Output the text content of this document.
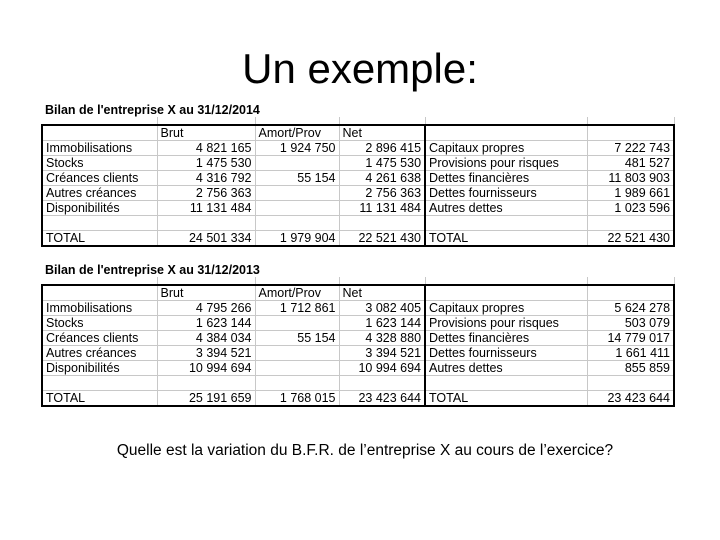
Un exemple:
Bilan de l'entreprise X au 31/12/2014					

	Brut	Amort/Prov	Net		
Immobilisations	4 821 165	1 924 750	2 896 415	Capitaux propres	7 222 743
Stocks	1 475 530		1 475 530	Provisions pour risques	481 527
Créances clients	4 316 792	55 154	4 261 638	Dettes financières	11 803 903
Autres créances	2 756 363		2 756 363	Dettes fournisseurs	1 989 661
Disponibilités	11 131 484		11 131 484	Autres dettes	1 023 596

TOTAL	24 501 334	1 979 904	22 521 430	TOTAL	22 521 430
Bilan de l'entreprise X au 31/12/2013					

	Brut	Amort/Prov	Net		
Immobilisations	4 795 266	1 712 861	3 082 405	Capitaux propres	5 624 278
Stocks	1 623 144		1 623 144	Provisions pour risques	503 079
Créances clients	4 384 034	55 154	4 328 880	Dettes financières	14 779 017
Autres créances	3 394 521		3 394 521	Dettes fournisseurs	1 661 411
Disponibilités	10 994 694		10 994 694	Autres dettes	855 859

TOTAL	25 191 659	1 768 015	23 423 644	TOTAL	23 423 644
Quelle est la variation du B.F.R. de l’entreprise X au cours de l’exercice?
